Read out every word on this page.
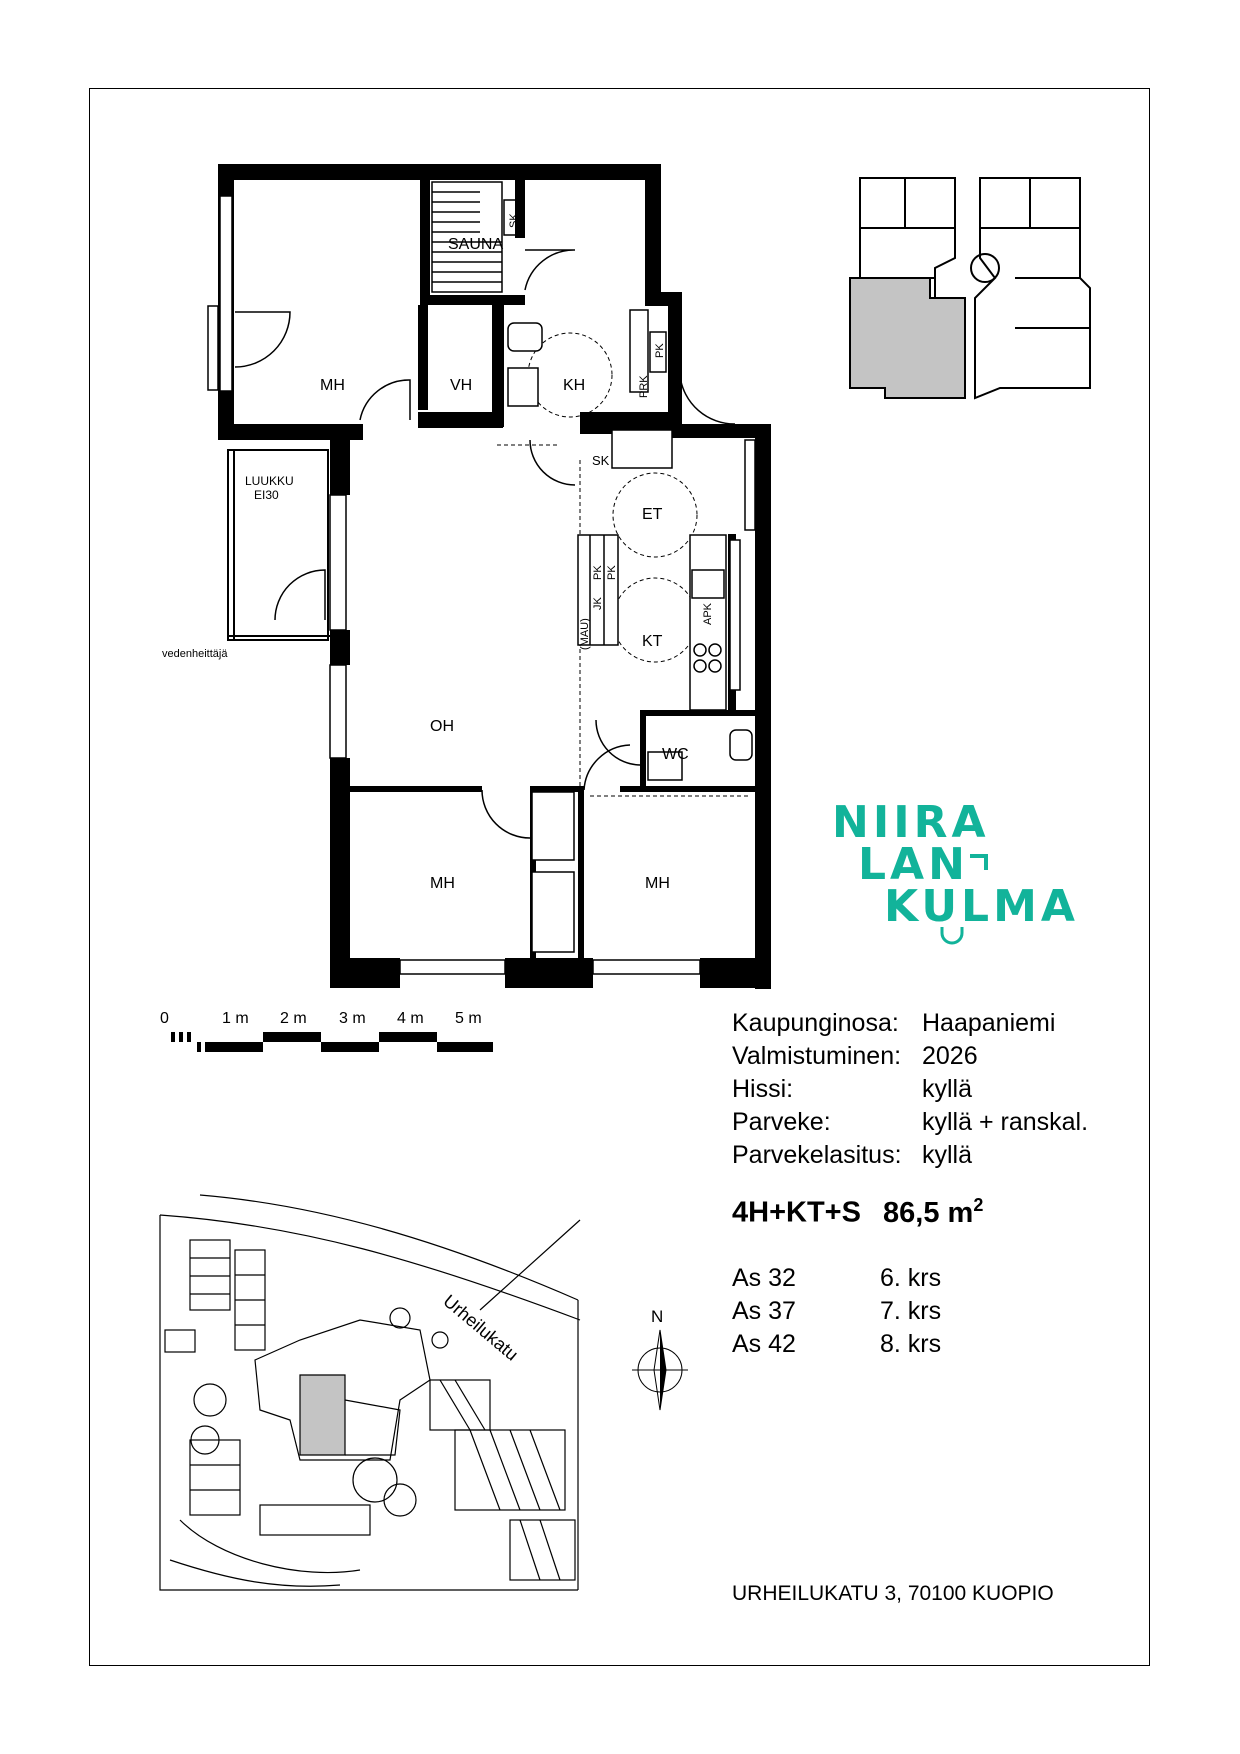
MH
SAUNA
VH	KH
SK
ET
LUUKKU
EI30
vedenheittäjä
OH
KT
WC
MH	MH
SK
PRK
PK
(MAU)
JK
PK PK
APK
NIIRA
LAN
KULMA
0	1 m 2 m 3 m 4 m 5 m	Kaupunginosa: Haapaniemi
Valmistuminen: 2026
Hissi:	kyllä
Parveke:	kyllä + ranskal.
Parvekelasitus: kyllä
4H+KT+S 86,5 $m^2$
As 32	6. krs
As 37	7. krs
As 42	8. krs
Urheilukatu	N
URHEILUKATU 3, 70100 KUOPIO
